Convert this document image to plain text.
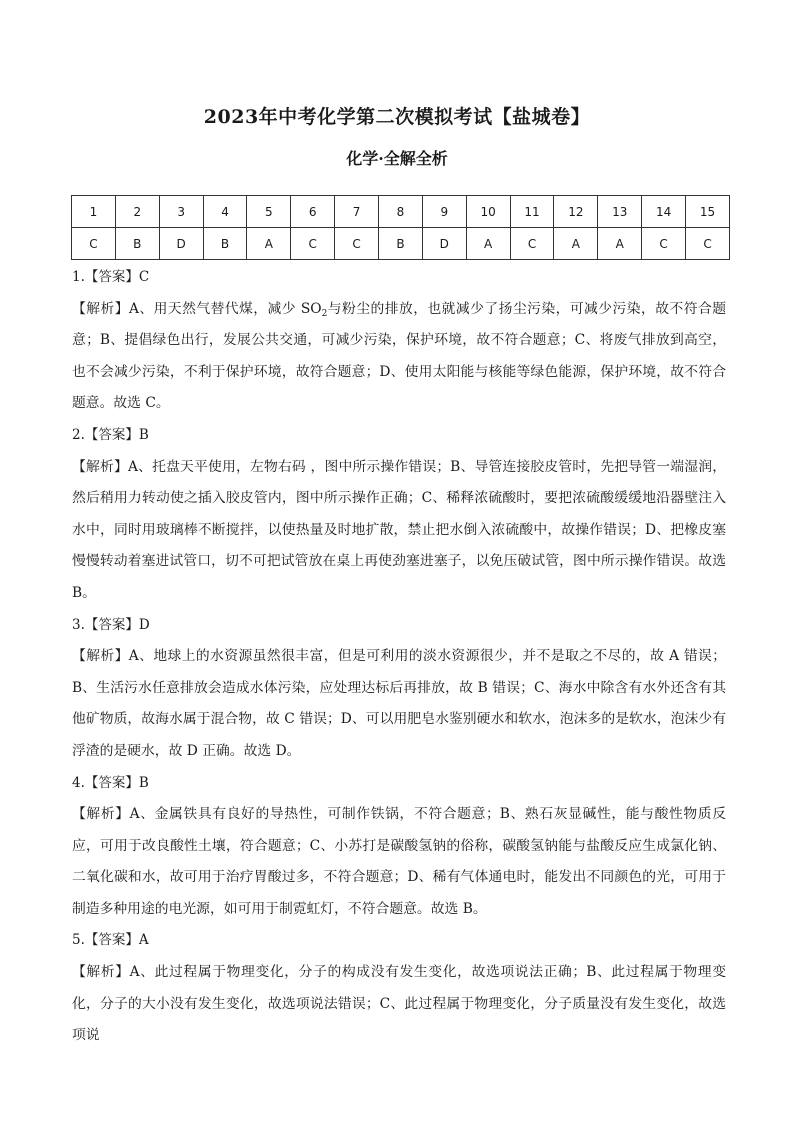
2023年中考化学第二次模拟考试【盐城卷】
化学·全解全析
1	2	3	4	5	6	7	8	9	10	11	12	13	14	15
C	B	D	B	A	C	C	B	D	A	C	A	A	C	C

1.【答案】C

【解析】A、用天然气替代煤，减少 $SO_2$与粉尘的排放，也就减少了扬尘污染，可减少污染，故不符合题意；B、提倡绿色出行，发展公共交通，可减少污染，保护环境，故不符合题意；C、将废气排放到高空，也不会减少污染，不利于保护环境，故符合题意；D、使用太阳能与核能等绿色能源，保护环境，故不符合题意。故选 C。

2.【答案】B

【解析】A、托盘天平使用，左物右码 ，图中所示操作错误；B、导管连接胶皮管时，先把导管一端湿润，然后稍用力转动使之插入胶皮管内，图中所示操作正确；C、稀释浓硫酸时，要把浓硫酸缓缓地沿器壁注入水中，同时用玻璃棒不断搅拌，以使热量及时地扩散，禁止把水倒入浓硫酸中，故操作错误；D、把橡皮塞慢慢转动着塞进试管口，切不可把试管放在桌上再使劲塞进塞子，以免压破试管，图中所示操作错误。故选 B。

3.【答案】D

【解析】A、地球上的水资源虽然很丰富，但是可利用的淡水资源很少，并不是取之不尽的，故 A 错误；B、生活污水任意排放会造成水体污染，应处理达标后再排放，故 B 错误；C、海水中除含有水外还含有其他矿物质，故海水属于混合物，故 C 错误；D、可以用肥皂水鉴别硬水和软水，泡沫多的是软水，泡沫少有浮渣的是硬水，故 D 正确。故选 D。

4.【答案】B

【解析】A、金属铁具有良好的导热性，可制作铁锅，不符合题意；B、熟石灰显碱性，能与酸性物质反应，可用于改良酸性土壤，符合题意；C、小苏打是碳酸氢钠的俗称，碳酸氢钠能与盐酸反应生成氯化钠、二氧化碳和水，故可用于治疗胃酸过多，不符合题意；D、稀有气体通电时，能发出不同颜色的光，可用于制造多种用途的电光源，如可用于制霓虹灯，不符合题意。故选 B。

5.【答案】A

【解析】A、此过程属于物理变化，分子的构成没有发生变化，故选项说法正确；B、此过程属于物理变化，分子的大小没有发生变化，故选项说法错误；C、此过程属于物理变化，分子质量没有发生变化，故选项说
